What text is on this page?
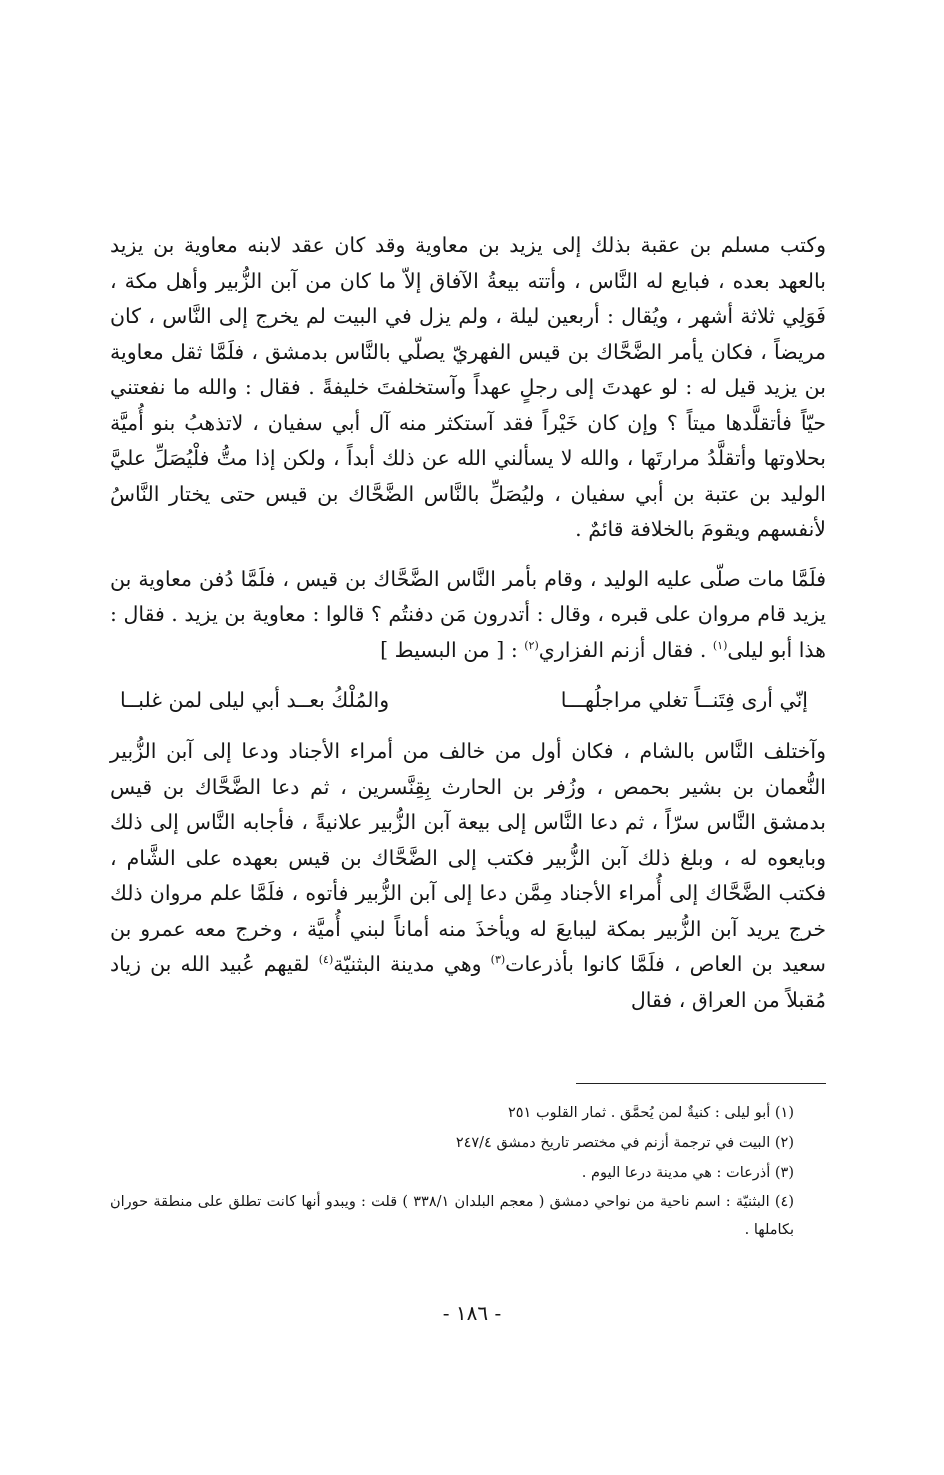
وكتب مسلم بن عقبة بذلك إلى يزيد بن معاوية وقد كان عقد لابنه معاوية بن يزيد بالعهد بعده ، فبايع له النَّاس ، وأتته بيعةُ الآفاق إلاّ ما كان من آبن الزُّبير وأهل مكة ، فَوَلِي ثلاثة أشهر ، ويُقال : أربعين ليلة ، ولم يزل في البيت لم يخرج إلى النَّاس ، كان مريضاً ، فكان يأمر الضَّحَّاك بن قيس الفهريّ يصلّي بالنَّاس بدمشق ، فلَمَّا ثقل معاوية بن يزيد قيل له : لو عهدتَ إلى رجلٍ عهداً وآستخلفتَ خليفةً . فقال : والله ما نفعتني حيّاً فأتقلَّدها ميتاً ؟ وإن كان خَيْراً فقد آستكثر منه آل أبي سفيان ، لاتذهبُ بنو أُميَّة بحلاوتها وأتقلَّدُ مرارتَها ، والله لا يسألني الله عن ذلك أبداً ، ولكن إذا متُّ فلْيُصَلِّ عليَّ الوليد بن عتبة بن أبي سفيان ، وليُصَلِّ بالنَّاس الضَّحَّاك بن قيس حتى يختار النَّاسُ لأنفسهم ويقومَ بالخلافة قائمٌ .

فلَمَّا مات صلّى عليه الوليد ، وقام بأمر النَّاس الضَّحَّاك بن قيس ، فلَمَّا دُفن معاوية بن يزيد قام مروان على قبره ، وقال : أتدرون مَن دفنتُم ؟ قالوا : معاوية بن يزيد . فقال : هذا أبو ليلى$^{(١)}$ . فقال أزنم الفزاري$^{(٢)}$ : [ من البسيط ]

إنّي أرى فِتَنــاً تغلي مراجلُهـــا
والمُلْكُ بعــد أبي ليلى لمن غلبــا

وآختلف النَّاس بالشام ، فكان أول من خالف من أمراء الأجناد ودعا إلى آبن الزُّبير النُّعمان بن بشير بحمص ، وزُفر بن الحارث بِقِنَّسرين ، ثم دعا الضَّحَّاك بن قيس بدمشق النَّاس سرّاً ، ثم دعا النَّاس إلى بيعة آبن الزُّبير علانيةً ، فأجابه النَّاس إلى ذلك وبايعوه له ، وبلغ ذلك آبن الزُّبير فكتب إلى الضَّحَّاك بن قيس بعهده على الشَّام ، فكتب الضَّحَّاك إلى أُمراء الأجناد مِمَّن دعا إلى آبن الزُّبير فأتوه ، فلَمَّا علم مروان ذلك خرج يريد آبن الزُّبير بمكة ليبايعَ له ويأخذَ منه أماناً لبني أُميَّة ، وخرج معه عمرو بن سعيد بن العاص ، فلَمَّا كانوا بأذرعات$^{(٣)}$ وهي مدينة البثنيّة$^{(٤)}$ لقيهم عُبيد الله بن زياد مُقبلاً من العراق ، فقال

(١) أبو ليلى : كنيةٌ لمن يُحمَّق . ثمار القلوب ٢٥١

(٢) البيت في ترجمة أزنم في مختصر تاريخ دمشق ٢٤٧/٤

(٣) أذرعات : هي مدينة درعا اليوم .

(٤) البثنيّة : اسم ناحية من نواحي دمشق ( معجم البلدان ٣٣٨/١ ) قلت : ويبدو أنها كانت تطلق على منطقة حوران بكاملها .

- ١٨٦ -
